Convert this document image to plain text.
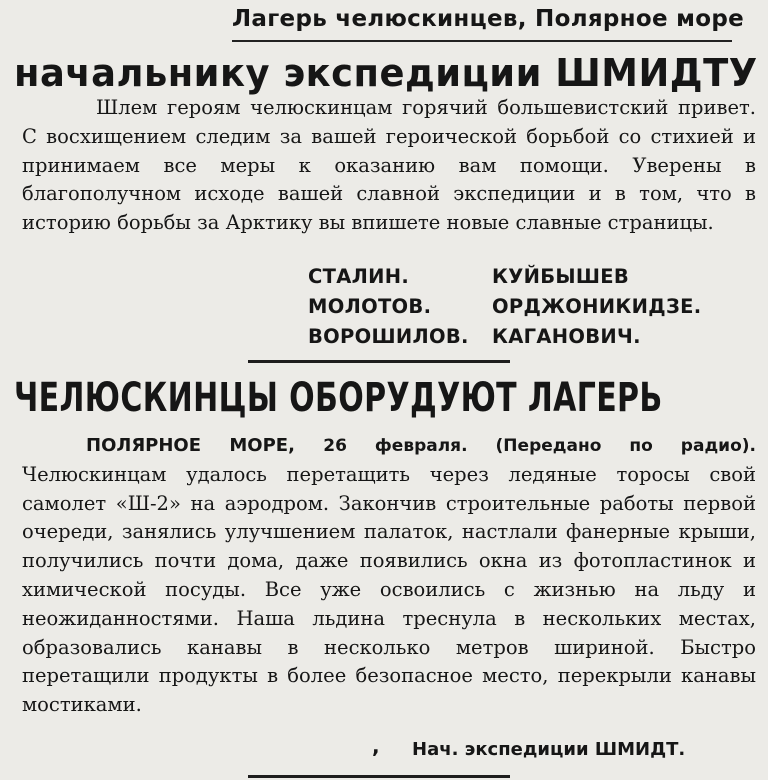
Лагерь челюскинцев, Полярное море
начальнику экспедиции ШМИДТУ
Шлем героям челюскинцам горячий большевистский привет. С восхищением следим за вашей героической борьбой со стихией и принимаем все меры к оказанию вам помощи. Уверены в благополучном исходе вашей славной экспедиции и в том, что в историю борьбы за Арктику вы впишете новые славные страницы.
СТАЛИН.	КУЙБЫШЕВ
МОЛОТОВ.	ОРДЖОНИКИДЗЕ.
ВОРОШИЛОВ.	КАГАНОВИЧ.
ЧЕЛЮСКИНЦЫ ОБОРУДУЮТ ЛАГЕРЬ
ПОЛЯРНОЕ МОРЕ, 26 февраля. (Передано по радио). Челюскинцам удалось перетащить через ледяные торосы свой самолет «Ш-2» на аэродром. Закончив строительные работы первой очереди, занялись улучшением палаток, настлали фанерные крыши, получились почти дома, даже появились окна из фотопластинок и химической посуды. Все уже освоились с жизнью на льду и неожиданностями. Наша льдина треснула в нескольких местах, образовались канавы в несколько метров шириной. Быстро перетащили продукты в более безопасное место, перекрыли канавы мостиками.
, Нач. экспедиции ШМИДТ.
